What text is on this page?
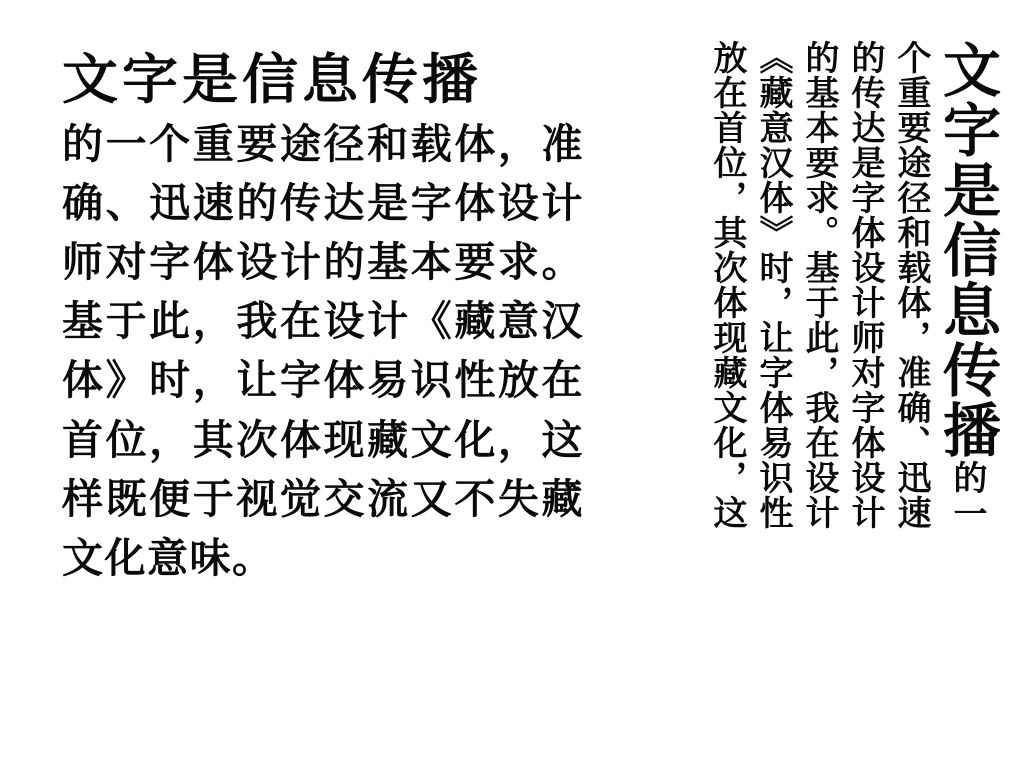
文字是信息传播
的一个重要途径和载体，准确、迅速的传达是字体设计师对字体设计的基本要求。基于此，我在设计《藏意汉体》时，让字体易识性放在首位，其次体现藏文化，这样既便于视觉交流又不失藏文化意味。
文字是信息传播的一
个重要途径和载体，准确、迅速
的传达是字体设计师对字体设计
的基本要求。基于此，我在设计
《藏意汉体》时，让字体易识性
放在首位，其次体现藏文化，这
